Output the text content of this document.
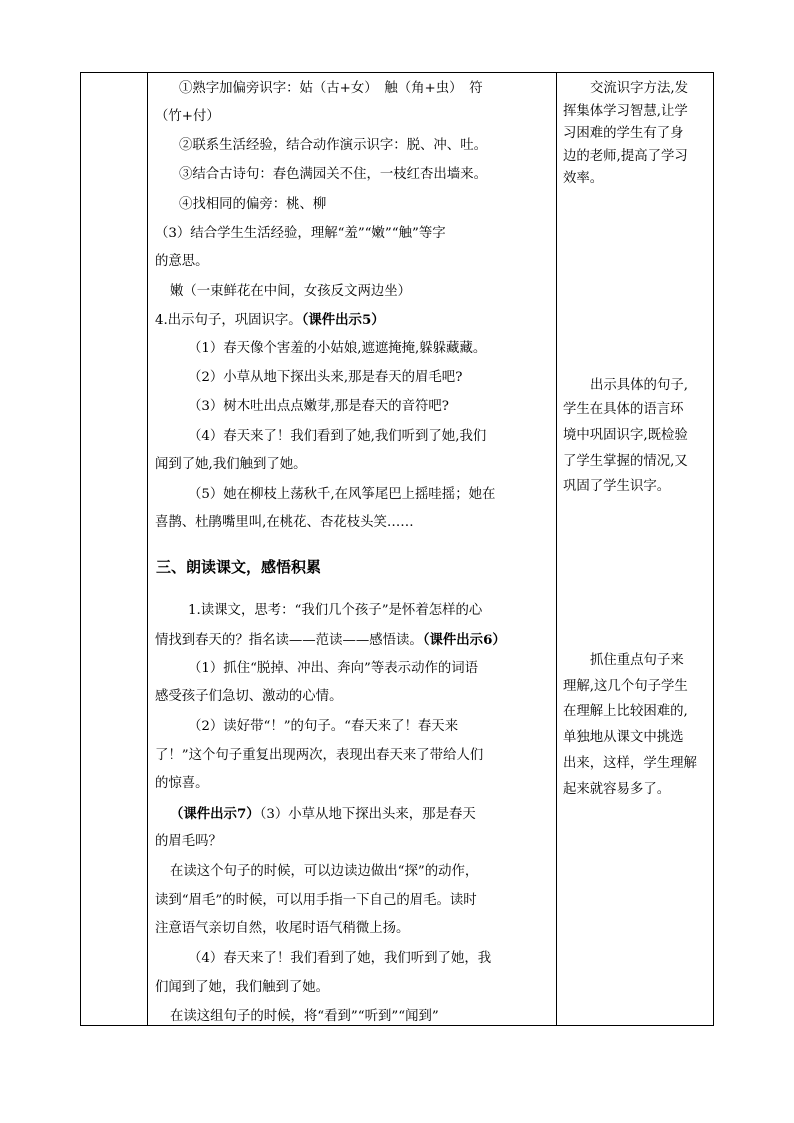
①熟字加偏旁识字：姑（古+女）　触（角+虫）　符
（竹+付）
②联系生活经验，结合动作演示识字：脱、冲、吐。
③结合古诗句：春色满园关不住，一枝红杏出墙来。
④找相同的偏旁：桃、柳
（3）结合学生生活经验，理解“羞”“嫩”“触”等字
的意思。
嫩（一束鲜花在中间，女孩反文两边坐）
4.出示句子，巩固识字。（课件出示5）
（1）春天像个害羞的小姑娘,遮遮掩掩,躲躲藏藏。
（2）小草从地下探出头来,那是春天的眉毛吧?
（3）树木吐出点点嫩芽,那是春天的音符吧?
（4）春天来了！我们看到了她,我们听到了她,我们
闻到了她,我们触到了她。
（5）她在柳枝上荡秋千,在风筝尾巴上摇哇摇；她在
喜鹊、杜鹃嘴里叫,在桃花、杏花枝头笑……
三、朗读课文，感悟积累
1.读课文，思考：“我们几个孩子”是怀着怎样的心
情找到春天的？指名读——范读——感悟读。（课件出示6）
（1）抓住“脱掉、冲出、奔向”等表示动作的词语
感受孩子们急切、激动的心情。
（2）读好带“！”的句子。“春天来了！春天来
了！”这个句子重复出现两次，表现出春天来了带给人们
的惊喜。
（课件出示7）（3）小草从地下探出头来，那是春天
的眉毛吗？
在读这个句子的时候，可以边读边做出“探”的动作，
读到“眉毛”的时候，可以用手指一下自己的眉毛。读时
注意语气亲切自然，收尾时语气稍微上扬。
（4）春天来了！我们看到了她，我们听到了她，我
们闻到了她，我们触到了她。
在读这组句子的时候，将“看到”“听到”“闻到”
交流识字方法,发
挥集体学习智慧,让学
习困难的学生有了身
边的老师,提高了学习
效率。
出示具体的句子,
学生在具体的语言环
境中巩固识字,既检验
了学生掌握的情况,又
巩固了学生识字。
抓住重点句子来
理解,这几个句子学生
在理解上比较困难的,
单独地从课文中挑选
出来，这样，学生理解
起来就容易多了。
